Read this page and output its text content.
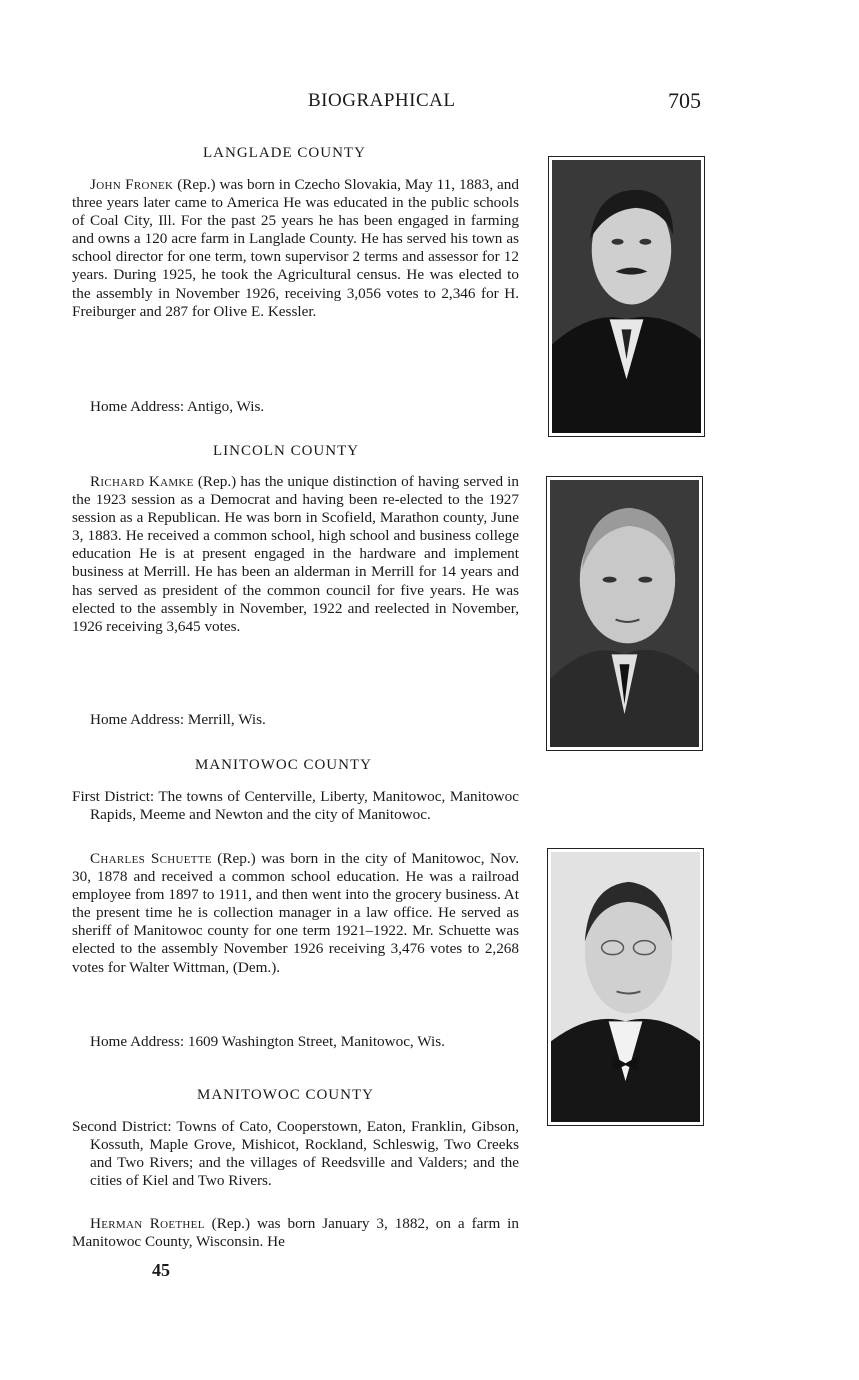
BIOGRAPHICAL	705
LANGLADE COUNTY

John Fronek (Rep.) was born in Czecho Slovakia, May 11, 1883, and three years later came to America He was educated in the public schools of Coal City, Ill. For the past 25 years he has been engaged in farming and owns a 120 acre farm in Langlade County. He has served his town as school director for one term, town supervisor 2 terms and assessor for 12 years. During 1925, he took the Agricultural census. He was elected to the assembly in November 1926, receiving 3,056 votes to 2,346 for H. Freiburger and 287 for Olive E. Kessler.

Home Address: Antigo, Wis.

LINCOLN COUNTY

Richard Kamke (Rep.) has the unique distinction of having served in the 1923 session as a Democrat and having been re-elected to the 1927 session as a Republican. He was born in Scofield, Marathon county, June 3, 1883. He received a common school, high school and business college education He is at present engaged in the hardware and implement business at Merrill. He has been an alderman in Merrill for 14 years and has served as president of the common council for five years. He was elected to the assembly in November, 1922 and reelected in November, 1926 receiving 3,645 votes.

Home Address: Merrill, Wis.

MANITOWOC COUNTY

First District: The towns of Centerville, Liberty, Manitowoc, Manitowoc Rapids, Meeme and Newton and the city of Manitowoc.

Charles Schuette (Rep.) was born in the city of Manitowoc, Nov. 30, 1878 and received a common school education. He was a railroad employee from 1897 to 1911, and then went into the grocery business. At the present time he is collection manager in a law office. He served as sheriff of Manitowoc county for one term 1921–1922. Mr. Schuette was elected to the assembly November 1926 receiving 3,476 votes to 2,268 votes for Walter Wittman, (Dem.).

Home Address: 1609 Washington Street, Manitowoc, Wis.

MANITOWOC COUNTY

Second District: Towns of Cato, Cooperstown, Eaton, Franklin, Gibson, Kossuth, Maple Grove, Mishicot, Rockland, Schleswig, Two Creeks and Two Rivers; and the villages of Reedsville and Valders; and the cities of Kiel and Two Rivers.

Herman Roethel (Rep.) was born January 3, 1882, on a farm in Manitowoc County, Wisconsin. He

45
